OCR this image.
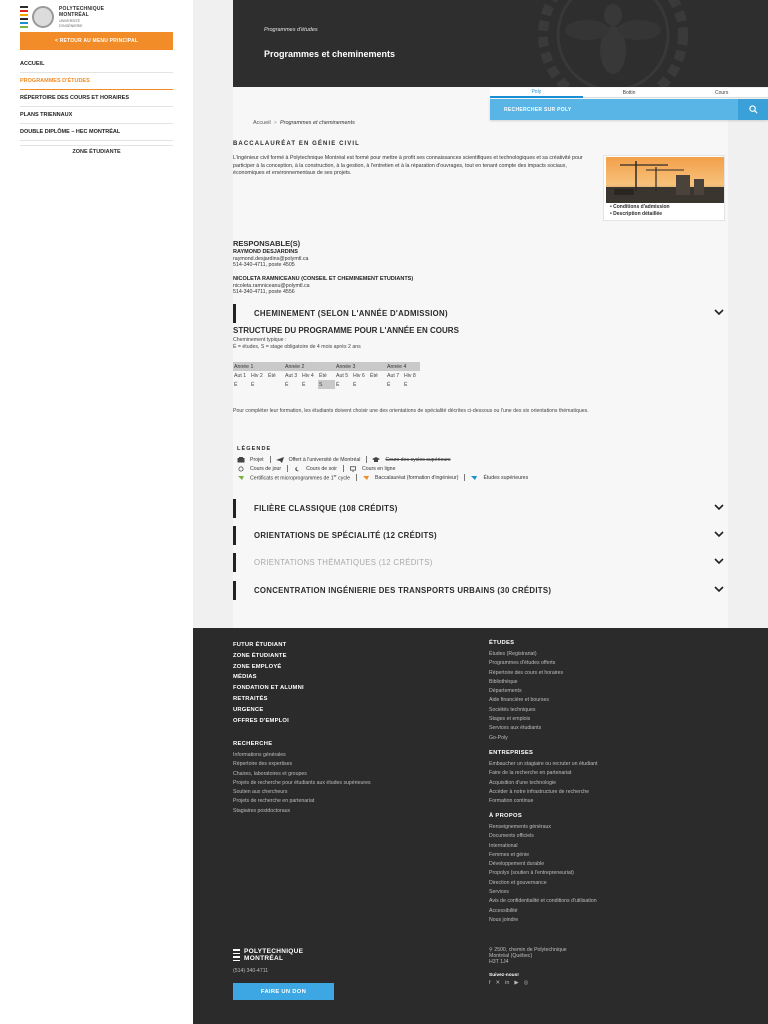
POLYTECHNIQUE
MONTRÉAL
UNIVERSITÉ
D'INGÉNIERIE
< RETOUR AU MENU PRINCIPAL
ACCUEIL
PROGRAMMES D'ÉTUDES
RÉPERTOIRE DES COURS ET HORAIRES
PLANS TRIENNAUX
DOUBLE DIPLÔME – HEC MONTRÉAL
ZONE ÉTUDIANTE
Programmes d'études
Programmes et cheminements
Poly	Bottin	Cours
RECHERCHER SUR POLY
Accueil > Programmes et cheminements
BACCALAURÉAT EN GÉNIE CIVIL
L'ingénieur civil formé à Polytechnique Montréal est formé pour mettre à profit ses connaissances scientifiques et technologiques et sa créativité pour participer à la conception, à la construction, à la gestion, à l'entretien et à la réparation d'ouvrages, tout en tenant compte des impacts sociaux, économiques et environnementaux de ses projets.
• Conditions d'admission
• Description détaillée
RESPONSABLE(S)
RAYMOND DESJARDINS
raymond.desjardins@polymtl.ca
514-340-4711, poste 4505
NICOLETA RAMNICEANU (CONSEIL ET CHEMINEMENT ETUDIANTS)
nicoleta.ramniceanu@polymtl.ca
514-340-4711, poste 4556
CHEMINEMENT (SELON L'ANNÉE D'ADMISSION)
STRUCTURE DU PROGRAMME POUR L'ANNÉE EN COURS
Cheminement typique :
É = études, S = stage obligatoire de 4 mois après 2 ans
Année 1			Année 2			Année 3			Année 4	
Aut 1	Hiv 2	Été	Aut 3	Hiv 4	Été	Aut 5	Hiv 6	Été	Aut 7	Hiv 8
É	É		É	É	S	É	É		É	É
Pour compléter leur formation, les étudiants doivent choisir une des orientations de spécialité décrites ci-dessous ou l'une des six orientations thématiques.
LÉGENDE
Projet	Offert à l'université de Montréal	Cours des cycles supérieurs
Cours de jour	Cours de soir	Cours en ligne
Certificats et microprogrammes de 1er cycle	Baccalauréat (formation d'ingénieur)	Études supérieures
FILIÈRE CLASSIQUE (108 CRÉDITS)
ORIENTATIONS DE SPÉCIALITÉ (12 CRÉDITS)
ORIENTATIONS THÉMATIQUES (12 CRÉDITS)
CONCENTRATION INGÉNIERIE DES TRANSPORTS URBAINS (30 CRÉDITS)
FUTUR ÉTUDIANT
ZONE ÉTUDIANTE
ZONE EMPLOYÉ
MÉDIAS
FONDATION ET ALUMNI
RETRAITÉS
URGENCE
OFFRES D'EMPLOI
RECHERCHE
Informations générales
Répertoire des expertises
Chaires, laboratoires et groupes
Projets de recherche pour étudiants aux études supérieures
Soutien aux chercheurs
Projets de recherche en partenariat
Stagiaires postdoctoraux
ÉTUDES
Études (Registrariat)
Programmes d'études offerts
Répertoire des cours et horaires
Bibliothèque
Départements
Aide financière et bourses
Sociétés techniques
Stages et emplois
Services aux étudiants
Go-Poly
ENTREPRISES
Embaucher un stagiaire ou recruter un étudiant
Faire de la recherche en partenariat
Acquisition d'une technologie
Accéder à notre infrastructure de recherche
Formation continue
À PROPOS
Renseignements généraux
Documents officiels
International
Femmes et génie
Développement durable
Propolys (soutien à l'entrepreneuriat)
Direction et gouvernance
Services
Avis de confidentialité et conditions d'utilisation
Accessibilité
Nous joindre
POLYTECHNIQUE
MONTRÉAL
(514) 340-4711
FAIRE UN DON
⚲ 2500, chemin de Polytechnique
Montréal (Québec)
H3T 1J4
Suivez-nous!
f ✕ in ▶ ◎
